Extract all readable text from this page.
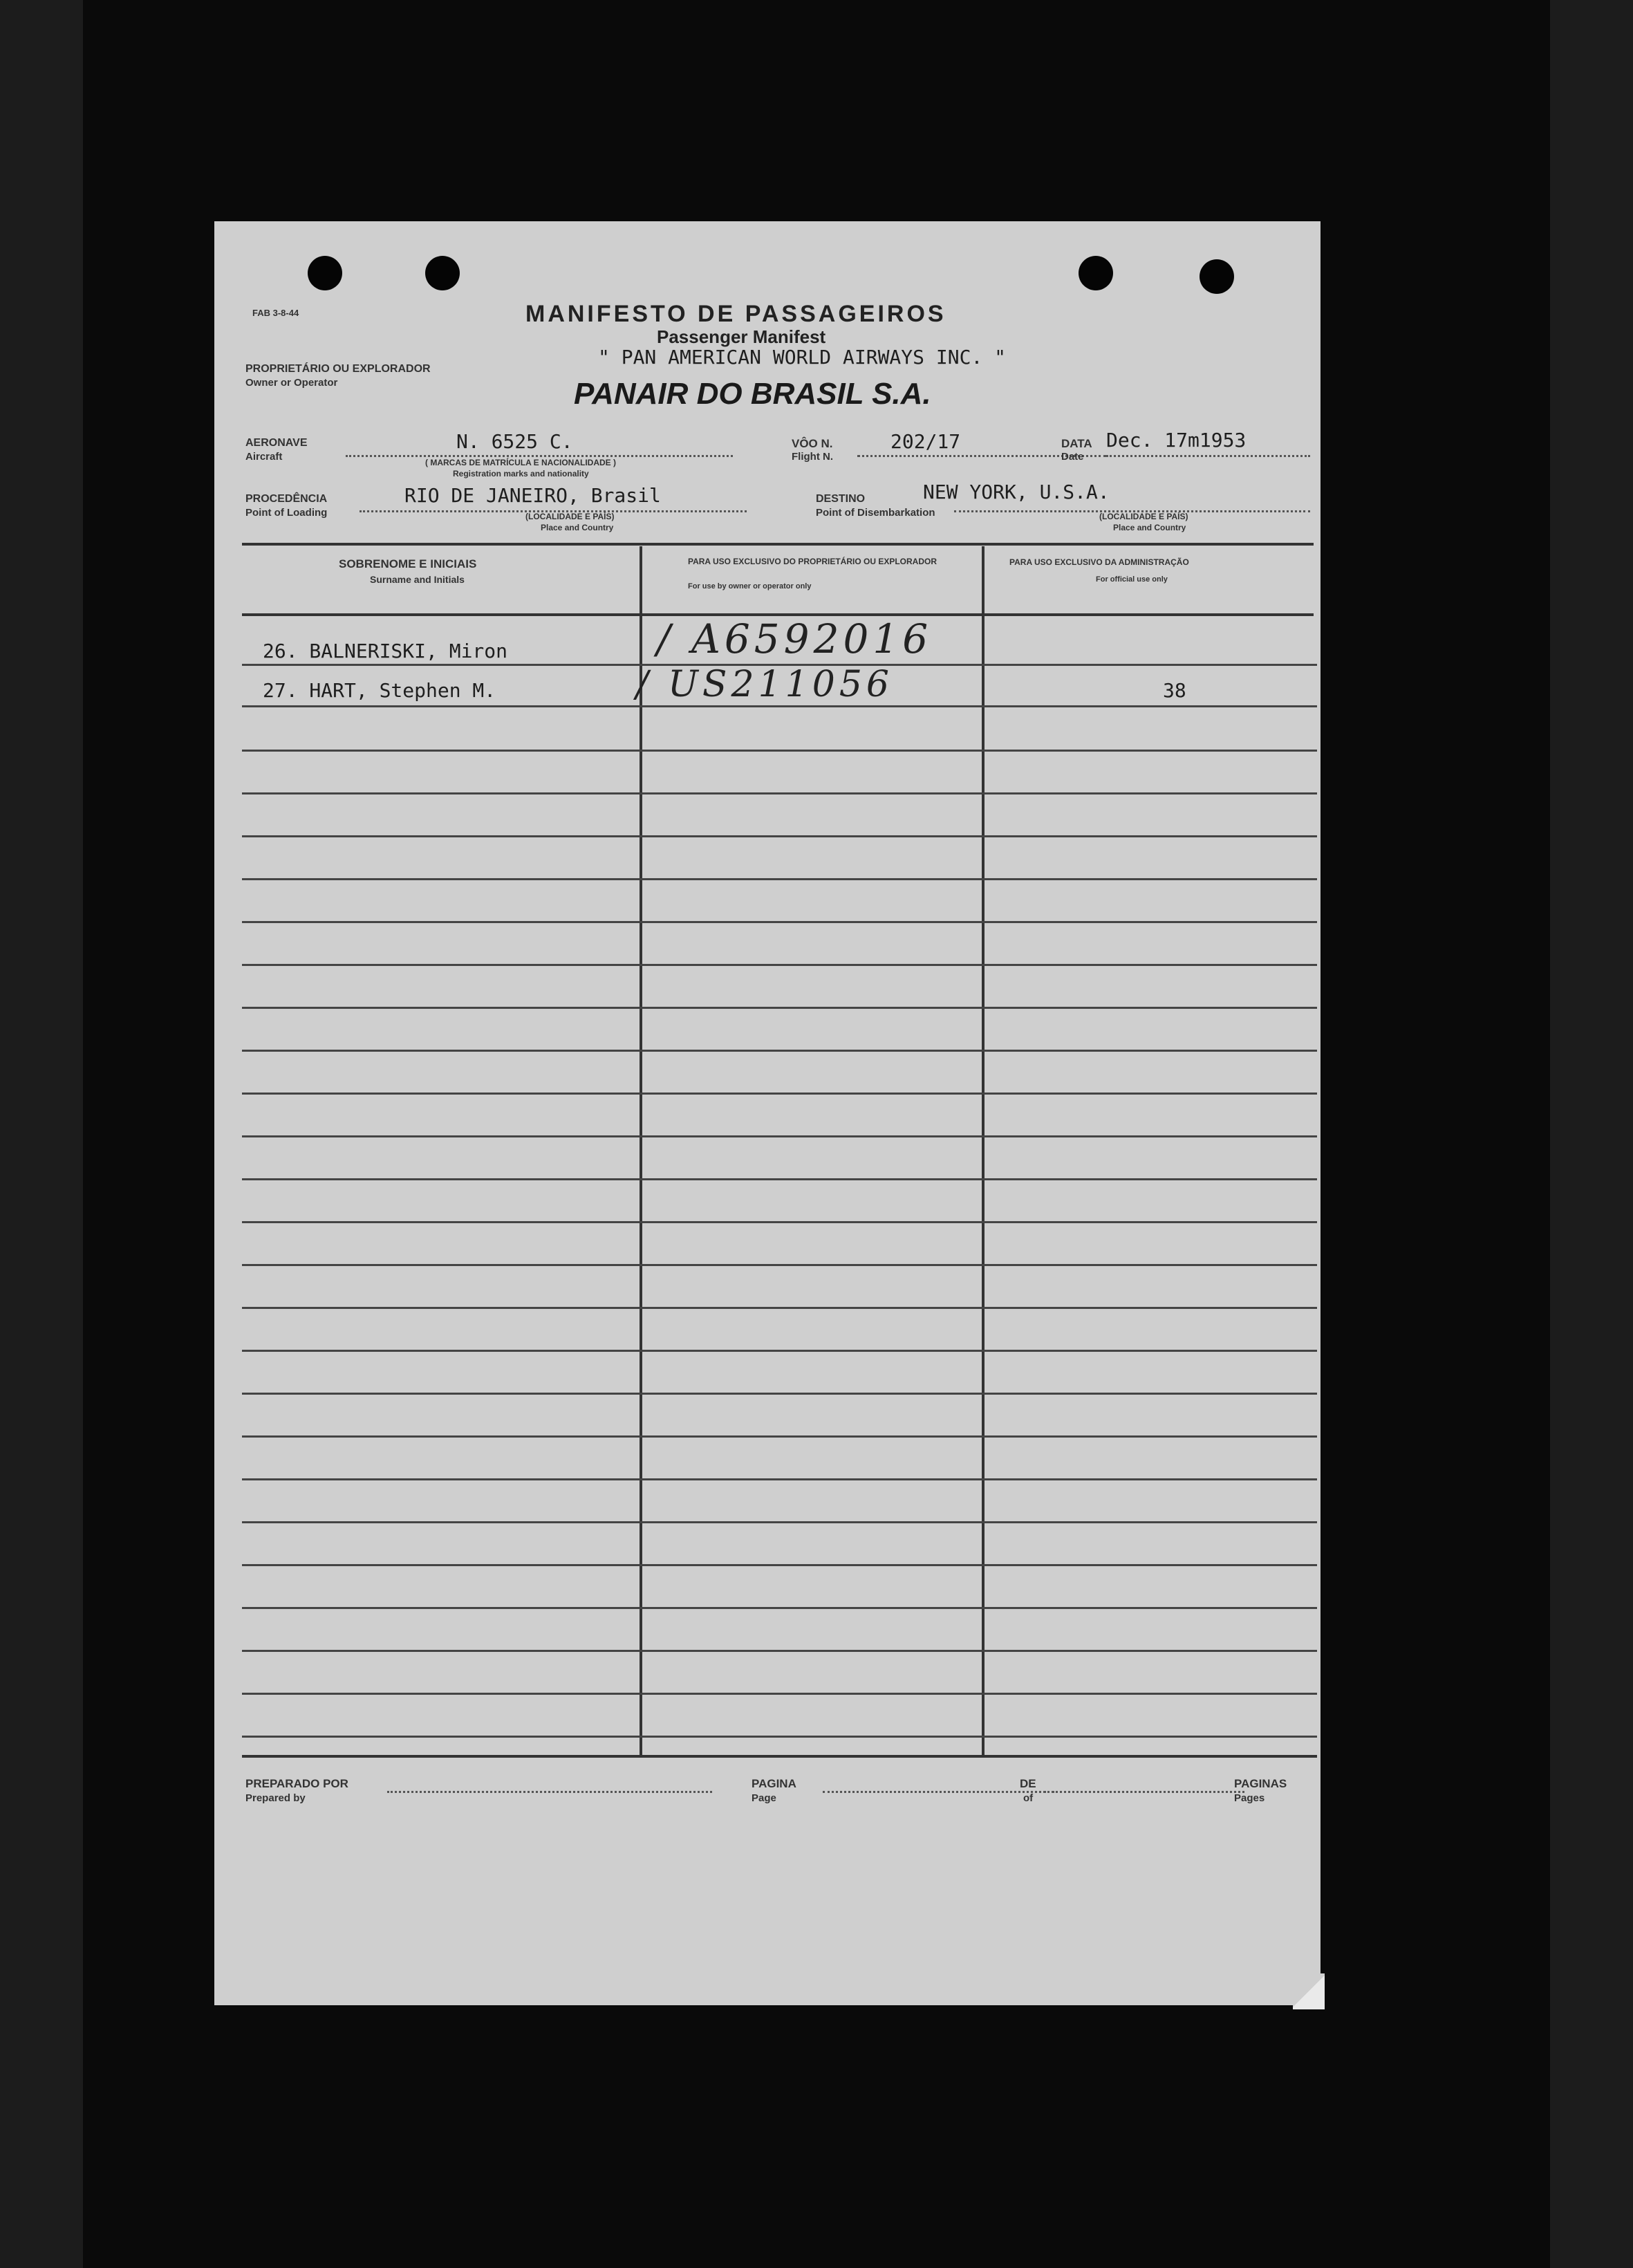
FAB 3-8-44	MANIFESTO DE PASSAGEIROS
Passenger Manifest
PROPRIETÁRIO OU EXPLORADOR
Owner or Operator
" PAN AMERICAN WORLD AIRWAYS INC. "
PANAIR DO BRASIL S.A.
AERONAVE
Aircraft
N. 6525 C.
( MARCAS DE MATRÍCULA E NACIONALIDADE )
Registration marks and nationality
VÔO N.
Flight N.
202/17	DATA
Date
Dec. 17m1953
PROCEDÊNCIA
Point of Loading
RIO DE JANEIRO, Brasil
(LOCALIDADE E PAÍS)
Place and Country
DESTINO
Point of Disembarkation
NEW YORK, U.S.A.
(LOCALIDADE E PAÍS)
Place and Country
SOBRENOME E INICIAIS
Surname and Initials
PARA USO EXCLUSIVO DO PROPRIETÁRIO OU EXPLORADOR
For use by owner or operator only
PARA USO EXCLUSIVO DA ADMINISTRAÇÃO
For official use only
26. BALNERISKI, Miron	/ A6592016
27. HART, Stephen M.	/ US211056	38
PREPARADO POR
Prepared by
PAGINA
Page
DE
of
PAGINAS
Pages
